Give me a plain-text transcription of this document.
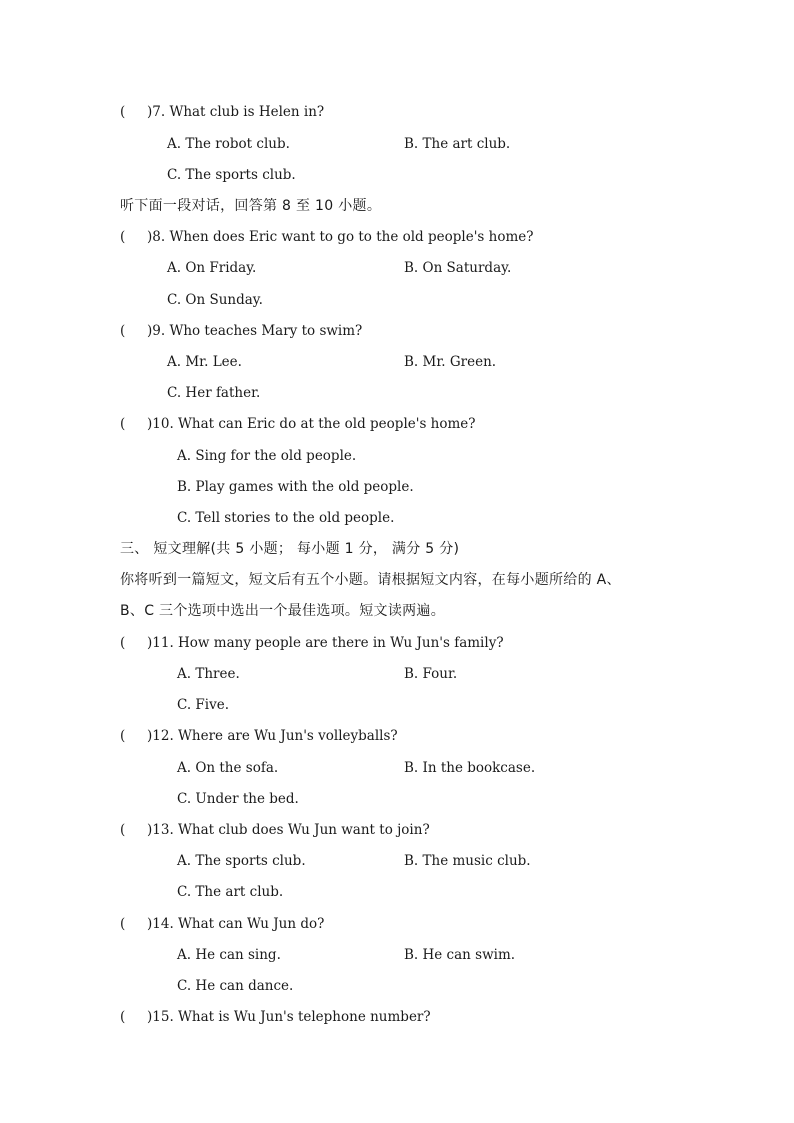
( )7. What club is Helen in?
A. The robot club.	B. The art club.
C. The sports club.
听下面一段对话，回答第 8 至 10 小题。
( )8. When does Eric want to go to the old people's home?
A. On Friday.	B. On Saturday.
C. On Sunday.
( )9. Who teaches Mary to swim?
A. Mr. Lee.	B. Mr. Green.
C. Her father.
( )10. What can Eric do at the old people's home?
A. Sing for the old people.
B. Play games with the old people.
C. Tell stories to the old people.
三、 短文理解(共 5 小题； 每小题 1 分， 满分 5 分)
你将听到一篇短文，短文后有五个小题。请根据短文内容，在每小题所给的 A、
B、C 三个选项中选出一个最佳选项。短文读两遍。
( )11. How many people are there in Wu Jun's family?
A. Three.	B. Four.
C. Five.
( )12. Where are Wu Jun's volleyballs?
A. On the sofa.	B. In the bookcase.
C. Under the bed.
( )13. What club does Wu Jun want to join?
A. The sports club.	B. The music club.
C. The art club.
( )14. What can Wu Jun do?
A. He can sing.	B. He can swim.
C. He can dance.
( )15. What is Wu Jun's telephone number?
